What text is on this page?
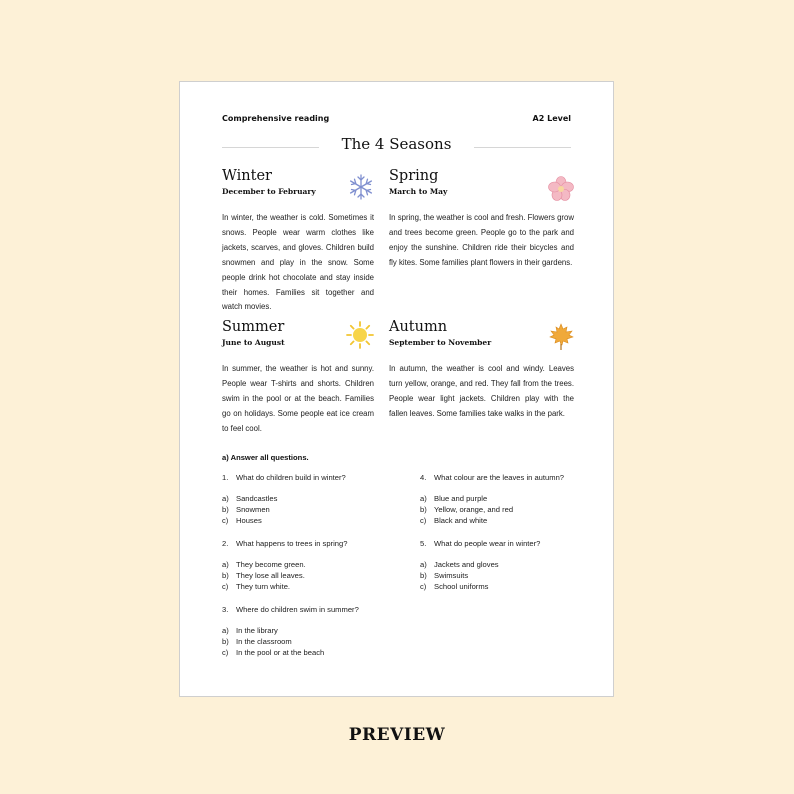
Comprehensive reading	A2 Level
The 4 Seasons
Winter
December to February

In winter, the weather is cold. Sometimes it snows. People wear warm clothes like jackets, scarves, and gloves. Children build snowmen and play in the snow. Some people drink hot chocolate and stay inside their homes. Families sit together and watch movies.

Spring
March to May

In spring, the weather is cool and fresh. Flowers grow and trees become green. People go to the park and enjoy the sunshine. Children ride their bicycles and fly kites. Some families plant flowers in their gardens.

Summer
June to August

In summer, the weather is hot and sunny. People wear T-shirts and shorts. Children swim in the pool or at the beach. Families go on holidays. Some people eat ice cream to feel cool.

Autumn
September to November

In autumn, the weather is cool and windy. Leaves turn yellow, orange, and red. They fall from the trees. People wear light jackets. Children play with the fallen leaves. Some families take walks in the park.

a) Answer all questions.
1. What do children build in winter?
a) Sandcastles
b) Snowmen
c) Houses
2. What happens to trees in spring?
a) They become green.
b) They lose all leaves.
c) They turn white.
3. Where do children swim in summer?
a) In the library
b) In the classroom
c) In the pool or at the beach
4. What colour are the leaves in autumn?
a) Blue and purple
b) Yellow, orange, and red
c) Black and white
5. What do people wear in winter?
a) Jackets and gloves
b) Swimsuits
c) School uniforms
PREVIEW
